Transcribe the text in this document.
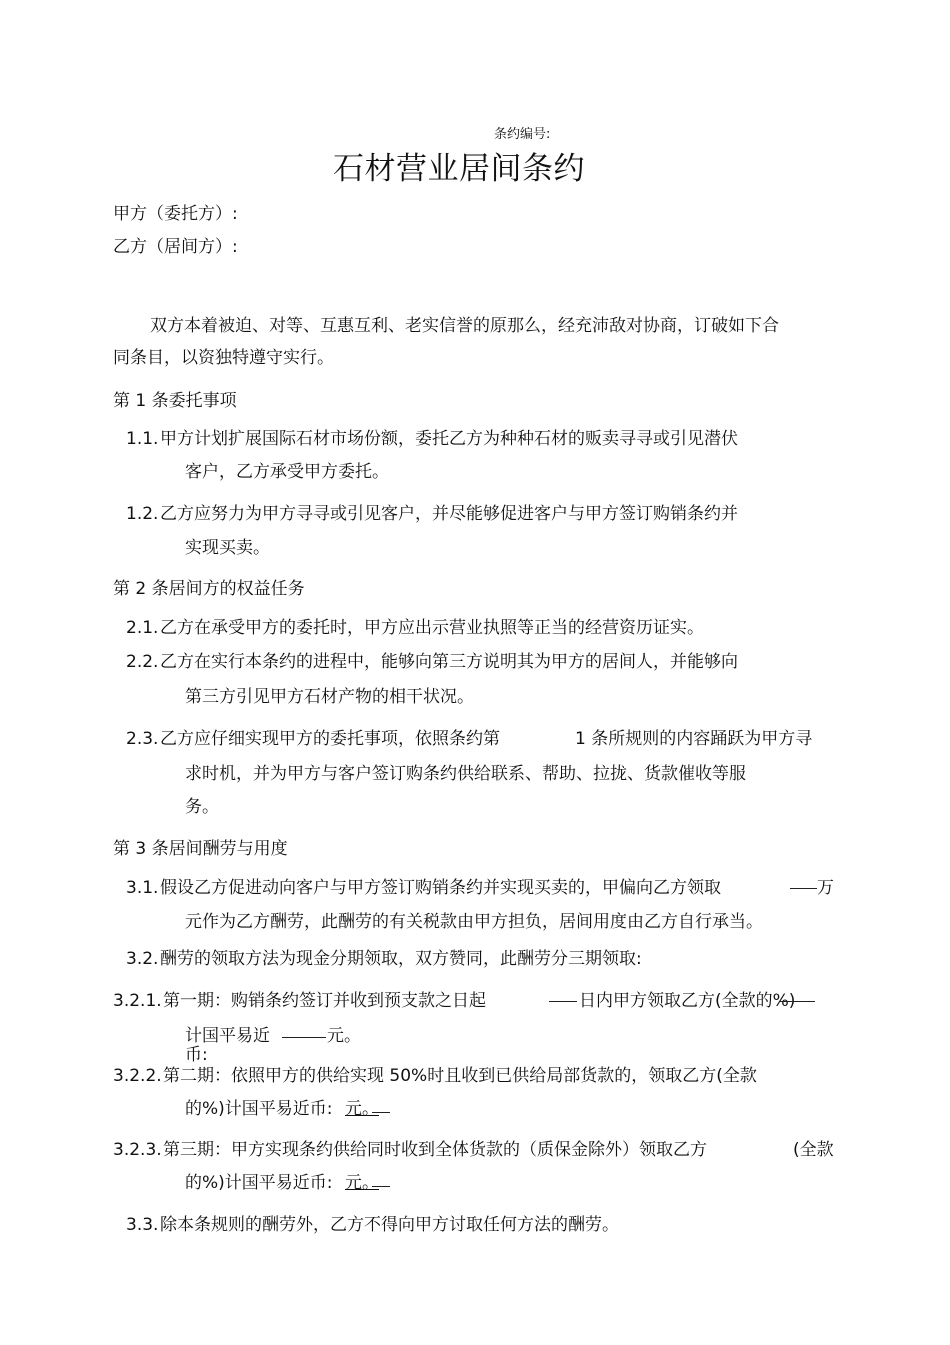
条约编号:
石材营业居间条约
甲方（委托方）:
乙方（居间方）:
双方本着被迫、对等、互惠互利、老实信誉的原那么，经充沛敌对协商，订破如下合
同条目，以资独特遵守实行。
第 1 条委托事项
1.1. 甲方计划扩展国际石材市场份额，委托乙方为种种石材的贩卖寻寻或引见潜伏
客户，乙方承受甲方委托。
1.2. 乙方应努力为甲方寻寻或引见客户，并尽能够促进客户与甲方签订购销条约并
实现买卖。
第 2 条居间方的权益任务
2.1. 乙方在承受甲方的委托时，甲方应出示营业执照等正当的经营资历证实。
2.2. 乙方在实行本条约的进程中，能够向第三方说明其为甲方的居间人，并能够向
第三方引见甲方石材产物的相干状况。
2.3. 乙方应仔细实现甲方的委托事项，依照条约第	1 条所规则的内容踊跃为甲方寻
求时机，并为甲方与客户签订购条约供给联系、帮助、拉拢、货款催收等服
务。
第 3 条居间酬劳与用度
3.1. 假设乙方促进动向客户与甲方签订购销条约并实现买卖的，甲偏向乙方领取	万
元作为乙方酬劳，此酬劳的有关税款由甲方担负，居间用度由乙方自行承当。
3.2. 酬劳的领取方法为现金分期领取，双方赞同，此酬劳分三期领取:
3.2.1. 第一期：购销条约签订并收到预支款之日起	日内甲方领取乙方(全款的%)
计国平易近	元。
币:
3.2.2. 第二期：依照甲方的供给实现 50%时且收到已供给局部货款的，领取乙方(全款
的%)计国平易近币: 元。
3.2.3. 第三期：甲方实现条约供给同时收到全体货款的（质保金除外）领取乙方	(全款
的%)计国平易近币: 元。
3.3. 除本条规则的酬劳外，乙方不得向甲方讨取任何方法的酬劳。
